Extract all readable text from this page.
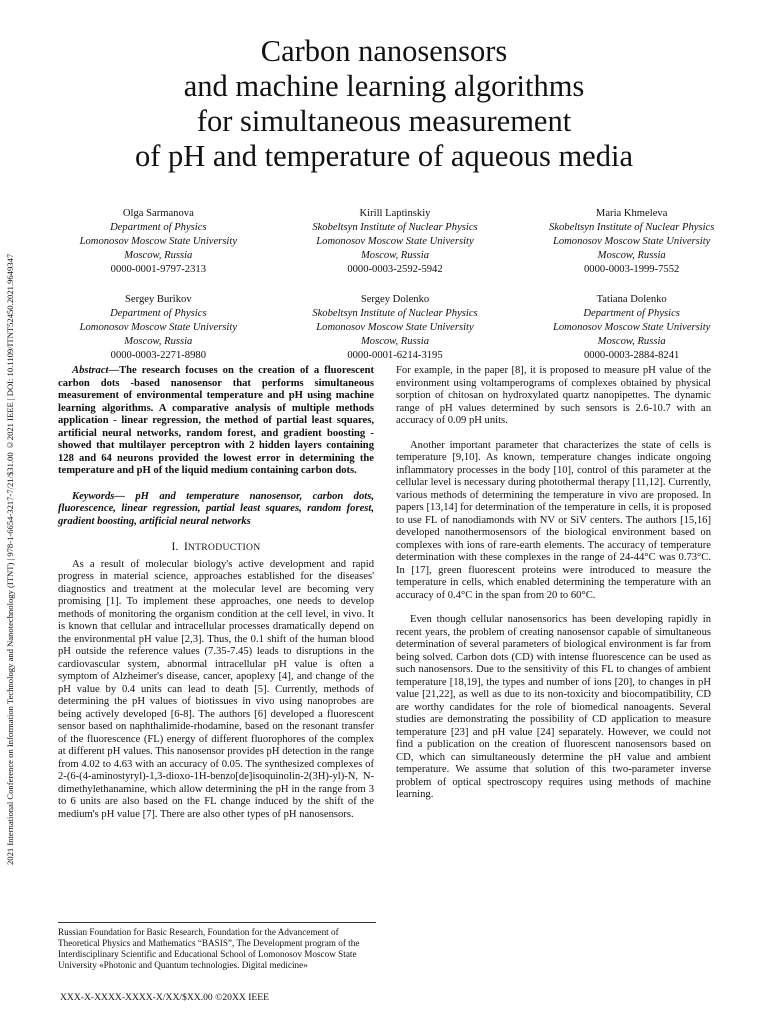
2021 International Conference on Information Technology and Nanotechnology (ITNT) | 978-1-6654-3217-7/21/$31.00 ©2021 IEEE | DOI: 10.1109/ITNT52450.2021.9649347
Carbon nanosensors
and machine learning algorithms
for simultaneous measurement
of pH and temperature of aqueous media
Olga Sarmanova
Department of Physics
Lomonosov Moscow State University
Moscow, Russia
0000-0001-9797-2313
Kirill Laptinskiy
Skobeltsyn Institute of Nuclear Physics
Lomonosov Moscow State University
Moscow, Russia
0000-0003-2592-5942
Maria Khmeleva
Skobeltsyn Institute of Nuclear Physics
Lomonosov Moscow State University
Moscow, Russia
0000-0003-1999-7552
Sergey Burikov
Department of Physics
Lomonosov Moscow State University
Moscow, Russia
0000-0003-2271-8980
Sergey Dolenko
Skobeltsyn Institute of Nuclear Physics
Lomonosov Moscow State University
Moscow, Russia
0000-0001-6214-3195
Tatiana Dolenko
Department of Physics
Lomonosov Moscow State University
Moscow, Russia
0000-0003-2884-8241

Abstract—The research focuses on the creation of a fluorescent carbon dots -based nanosensor that performs simultaneous measurement of environmental temperature and pH using machine learning algorithms. A comparative analysis of multiple methods application - linear regression, the method of partial least squares, artificial neural networks, random forest, and gradient boosting - showed that multilayer perceptron with 2 hidden layers containing 128 and 64 neurons provided the lowest error in determining the temperature and pH of the liquid medium containing carbon dots.

Keywords— pH and temperature nanosensor, carbon dots, fluorescence, linear regression, partial least squares, random forest, gradient boosting, artificial neural networks

I. INTRODUCTION

As a result of molecular biology's active development and rapid progress in material science, approaches established for the diseases' diagnostics and treatment at the molecular level are becoming very promising [1]. To implement these approaches, one needs to develop methods of monitoring the organism condition at the cell level, in vivo. It is known that cellular and intracellular processes dramatically depend on the environmental pH value [2,3]. Thus, the 0.1 shift of the human blood pH outside the reference values (7.35-7.45) leads to disruptions in the cardiovascular system, abnormal intracellular pH value is often a symptom of Alzheimer's disease, cancer, apoplexy [4], and change of the pH value by 0.4 units can lead to death [5]. Currently, methods of determining the pH values of biotissues in vivo using nanoprobes are being actively developed [6-8]. The authors [6] developed a fluorescent sensor based on naphthalimide-rhodamine, based on the resonant transfer of the fluorescence (FL) energy of different fluorophores of the complex at different pH values. This nanosensor provides pH detection in the range from 4.02 to 4.63 with an accuracy of 0.05. The synthesized complexes of 2-(6-(4-aminostyryl)-1,3-dioxo-1H-benzo[de]isoquinolin-2(3H)-yl)-N, N-dimethylethanamine, which allow determining the pH in the range from 3 to 6 units are also based on the FL change induced by the shift of the medium's pH value [7]. There are also other types of pH nanosensors.

For example, in the paper [8], it is proposed to measure pH value of the environment using voltamperograms of complexes obtained by physical sorption of chitosan on hydroxylated quartz nanopipettes. The dynamic range of pH values determined by such sensors is 2.6-10.7 with an accuracy of 0.09 pH units.

Another important parameter that characterizes the state of cells is temperature [9,10]. As known, temperature changes indicate ongoing inflammatory processes in the body [10], control of this parameter at the cellular level is necessary during photothermal therapy [11,12]. Currently, various methods of determining the temperature in vivo are proposed. In papers [13,14] for determination of the temperature in cells, it is proposed to use FL of nanodiamonds with NV or SiV centers. The authors [15,16] developed nanothermosensors of the biological environment based on complexes with ions of rare-earth elements. The accuracy of temperature determination with these complexes in the range of 24-44°C was 0.73°C. In [17], green fluorescent proteins were introduced to measure the temperature in cells, which enabled determining the temperature with an accuracy of 0.4°C in the span from 20 to 60°C.

Even though cellular nanosensorics has been developing rapidly in recent years, the problem of creating nanosensor capable of simultaneous determination of several parameters of biological environment is far from being solved. Carbon dots (CD) with intense fluorescence can be used as such nanosensors. Due to the sensitivity of this FL to changes of ambient temperature [18,19], the types and number of ions [20], to changes in pH value [21,22], as well as due to its non-toxicity and biocompatibility, CD are worthy candidates for the role of biomedical nanoagents. Several studies are demonstrating the possibility of CD application to measure temperature [23] and pH value [24] separately. However, we could not find a publication on the creation of fluorescent nanosensors based on CD, which can simultaneously determine the pH value and ambient temperature. We assume that solution of this two-parameter inverse problem of optical spectroscopy requires using methods of machine learning.

Russian Foundation for Basic Research, Foundation for the Advancement of Theoretical Physics and Mathematics “BASIS”, The Development program of the Interdisciplinary Scientific and Educational School of Lomonosov Moscow State University «Photonic and Quantum technologies. Digital medicine»
XXX-X-XXXX-XXXX-X/XX/$XX.00 ©20XX IEEE
